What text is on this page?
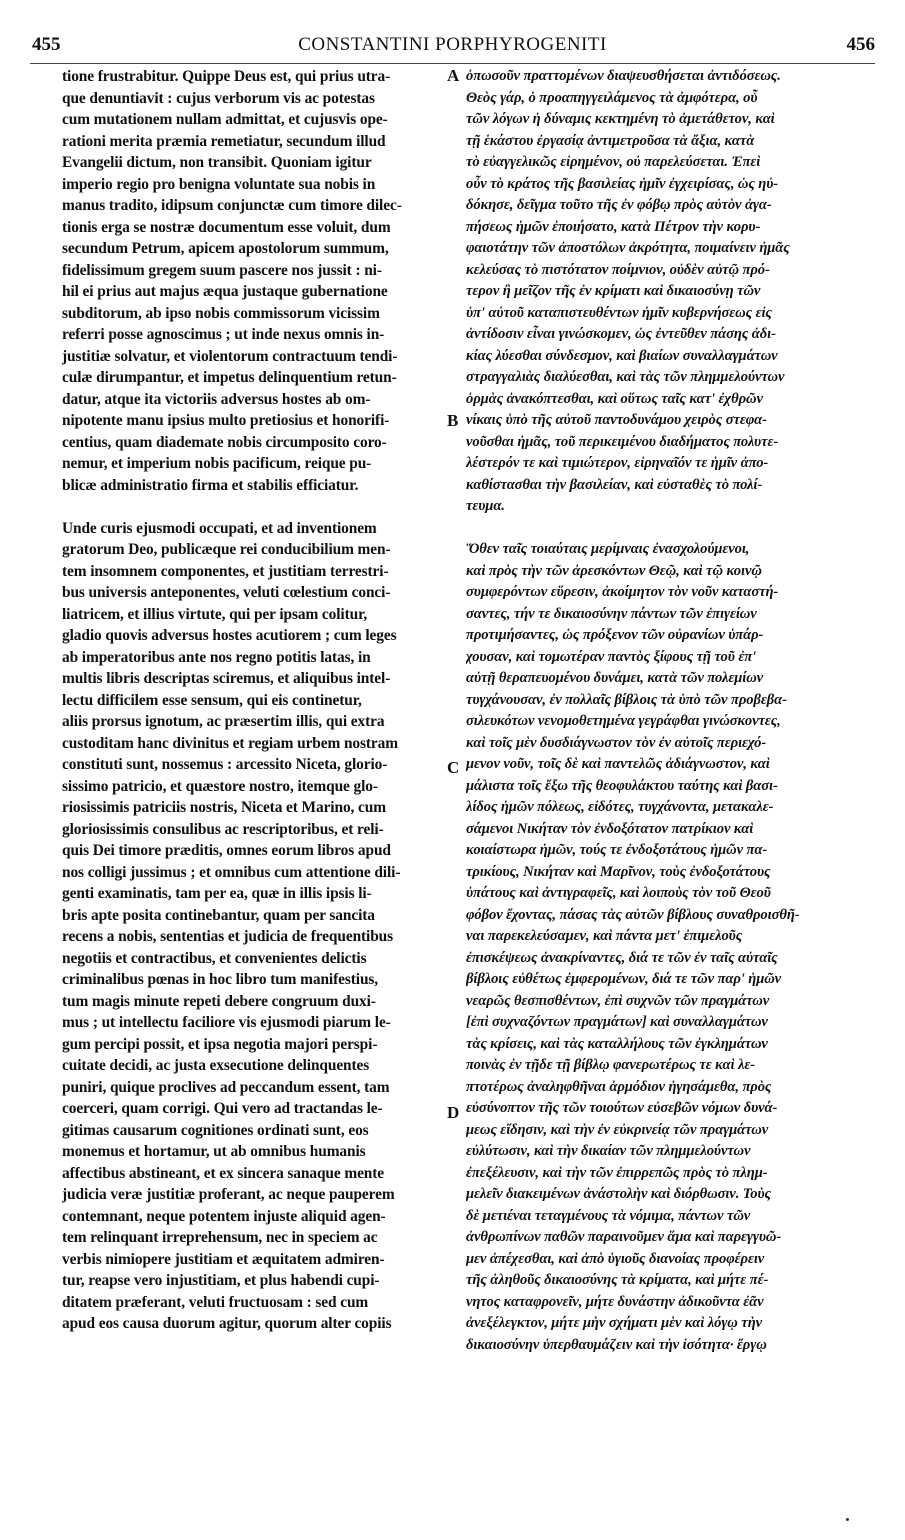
455	CONSTANTINI PORPHYROGENITI	456
tione frustrabitur. Quippe Deus est, qui prius utra-
que denuntiavit : cujus verborum vis ac potestas
cum mutationem nullam admittat, et cujusvis ope-
rationi merita præmia remetiatur, secundum illud
Evangelii dictum, non transibit. Quoniam igitur
imperio regio pro benigna voluntate sua nobis in
manus tradito, idipsum conjunctæ cum timore dilec-
tionis erga se nostræ documentum esse voluit, dum
secundum Petrum, apicem apostolorum summum,
fidelissimum gregem suum pascere nos jussit : ni-
hil ei prius aut majus æqua justaque gubernatione
subditorum, ab ipso nobis commissorum vicissim
referri posse agnoscimus ; ut inde nexus omnis in-
justitiæ solvatur, et violentorum contractuum tendi-
culæ dirumpantur, et impetus delinquentium retun-
datur, atque ita victoriis adversus hostes ab om-
nipotente manu ipsius multo pretiosius et honorifi-
centius, quam diademate nobis circumposito coro-
nemur, et imperium nobis pacificum, reique pu-
blicæ administratio firma et stabilis efficiatur.
Unde curis ejusmodi occupati, et ad inventionem
gratorum Deo, publicæque rei conducibilium men-
tem insomnem componentes, et justitiam terrestri-
bus universis anteponentes, veluti cœlestium conci-
liatricem, et illius virtute, qui per ipsam colitur,
gladio quovis adversus hostes acutiorem ; cum leges
ab imperatoribus ante nos regno potitis latas, in
multis libris descriptas sciremus, et aliquibus intel-
lectu difficilem esse sensum, qui eis continetur,
aliis prorsus ignotum, ac præsertim illis, qui extra
custoditam hanc divinitus et regiam urbem nostram
constituti sunt, nossemus : arcessito Niceta, glorio-
sissimo patricio, et quæstore nostro, itemque glo-
riosissimis patriciis nostris, Niceta et Marino, cum
gloriosissimis consulibus ac rescriptoribus, et reli-
quis Dei timore præditis, omnes eorum libros apud
nos colligi jussimus ; et omnibus cum attentione dili-
genti examinatis, tam per ea, quæ in illis ipsis li-
bris apte posita continebantur, quam per sancita
recens a nobis, sententias et judicia de frequentibus
negotiis et contractibus, et convenientes delictis
criminalibus pœnas in hoc libro tum manifestius,
tum magis minute repeti debere congruum duxi-
mus ; ut intellectu faciliore vis ejusmodi piarum le-
gum percipi possit, et ipsa negotia majori perspi-
cuitate decidi, ac justa exsecutione delinquentes
puniri, quique proclives ad peccandum essent, tam
coerceri, quam corrigi. Qui vero ad tractandas le-
gitimas causarum cognitiones ordinati sunt, eos
monemus et hortamur, ut ab omnibus humanis
affectibus abstineant, et ex sincera sanaque mente
judicia veræ justitiæ proferant, ac neque pauperem
contemnant, neque potentem injuste aliquid agen-
tem relinquant irreprehensum, nec in speciem ac
verbis nimiopere justitiam et æquitatem admiren-
tur, reapse vero injustitiam, et plus habendi cupi-
ditatem præferant, veluti fructuosam : sed cum
apud eos causa duorum agitur, quorum alter copiis
ὁπωσοῦν πραττομένων διαψευσθήσεται ἀντιδόσεως.
Θεὸς γάρ, ὁ προαπηγγειλάμενος τὰ ἀμφότερα, οὗ
τῶν λόγων ἡ δύναμις κεκτημένη τὸ ἀμετάθετον, καὶ
τῇ ἑκάστου ἐργασίᾳ ἀντιμετροῦσα τὰ ἄξια, κατὰ
τὸ εὐαγγελικῶς εἰρημένον, οὐ παρελεύσεται. Ἐπεὶ
οὖν τὸ κράτος τῆς βασιλείας ἡμῖν ἐγχειρίσας, ὡς ηὐ-
δόκησε, δεῖγμα τοῦτο τῆς ἐν φόβῳ πρὸς αὐτὸν ἀγα-
πήσεως ἡμῶν ἐποιήσατο, κατὰ Πέτρον τὴν κορυ-
φαιοτάτην τῶν ἀποστόλων ἀκρότητα, ποιμαίνειν ἡμᾶς
κελεύσας τὸ πιστότατον ποίμνιον, οὐδὲν αὐτῷ πρό-
τερον ἢ μεῖζον τῆς ἐν κρίματι καὶ δικαιοσύνῃ τῶν
ὑπ' αὐτοῦ καταπιστευθέντων ἡμῖν κυβερνήσεως εἰς
ἀντίδοσιν εἶναι γινώσκομεν, ὡς ἐντεῦθεν πάσης ἀδι-
κίας λύεσθαι σύνδεσμον, καὶ βιαίων συναλλαγμάτων
στραγγαλιὰς διαλύεσθαι, καὶ τὰς τῶν πλημμελούντων
ὁρμὰς ἀνακόπτεσθαι, καὶ οὕτως ταῖς κατ' ἐχθρῶν
νίκαις ὑπὸ τῆς αὐτοῦ παντοδυνάμου χειρὸς στεφα-
νοῦσθαι ἡμᾶς, τοῦ περικειμένου διαδήματος πολυτε-
λέστερόν τε καὶ τιμιώτερον, εἰρηναῖόν τε ἡμῖν ἀπο-
καθίστασθαι τὴν βασιλείαν, καὶ εὐσταθὲς τὸ πολί-
τευμα.
Ὅθεν ταῖς τοιαύταις μερίμναις ἐνασχολούμενοι,
καὶ πρὸς τὴν τῶν ἀρεσκόντων Θεῷ, καὶ τῷ κοινῷ
συμφερόντων εὕρεσιν, ἀκοίμητον τὸν νοῦν καταστή-
σαντες, τήν τε δικαιοσύνην πάντων τῶν ἐπιγείων
προτιμήσαντες, ὡς πρόξενον τῶν οὐρανίων ὑπάρ-
χουσαν, καὶ τομωτέραν παντὸς ξίφους τῇ τοῦ ἐπ'
αὐτῇ θεραπευομένου δυνάμει, κατὰ τῶν πολεμίων
τυγχάνουσαν, ἐν πολλαῖς βίβλοις τὰ ὑπὸ τῶν προβεβα-
σιλευκότων νενομοθετημένα γεγράφθαι γινώσκοντες,
καὶ τοῖς μὲν δυσδιάγνωστον τὸν ἐν αὐτοῖς περιεχό-
μενον νοῦν, τοῖς δὲ καὶ παντελῶς ἀδιάγνωστον, καὶ
μάλιστα τοῖς ἔξω τῆς θεοφυλάκτου ταύτης καὶ βασι-
λίδος ἡμῶν πόλεως, εἰδότες, τυγχάνοντα, μετακαλε-
σάμενοι Νικήταν τὸν ἐνδοξότατον πατρίκιον καὶ
κοιαίστωρα ἡμῶν, τούς τε ἐνδοξοτάτους ἡμῶν πα-
τρικίους, Νικήταν καὶ Μαρῖνον, τοὺς ἐνδοξοτάτους
ὑπάτους καὶ ἀντιγραφεῖς, καὶ λοιποὺς τὸν τοῦ Θεοῦ
φόβον ἔχοντας, πάσας τὰς αὐτῶν βίβλους συναθροισθῆ-
ναι παρεκελεύσαμεν, καὶ πάντα μετ' ἐπιμελοῦς
ἐπισκέψεως ἀνακρίναντες, διά τε τῶν ἐν ταῖς αὐταῖς
βίβλοις εὐθέτως ἐμφερομένων, διά τε τῶν παρ' ἡμῶν
νεαρῶς θεσπισθέντων, ἐπὶ συχνῶν τῶν πραγμάτων
[ἐπὶ συχναζόντων πραγμάτων] καὶ συναλλαγμάτων
τὰς κρίσεις, καὶ τὰς καταλλήλους τῶν ἐγκλημάτων
ποινὰς ἐν τῇδε τῇ βίβλῳ φανερωτέρως τε καὶ λε-
πτοτέρως ἀναληφθῆναι ἁρμόδιον ἡγησάμεθα, πρὸς
εὐσύνοπτον τῆς τῶν τοιούτων εὐσεβῶν νόμων δυνά-
μεως εἴδησιν, καὶ τὴν ἐν εὐκρινείᾳ τῶν πραγμάτων
εὐλύτωσιν, καὶ τὴν δικαίαν τῶν πλημμελούντων
ἐπεξέλευσιν, καὶ τὴν τῶν ἐπιρρεπῶς πρὸς τὸ πλημ-
μελεῖν διακειμένων ἀνάστολὴν καὶ διόρθωσιν. Τοὺς
δὲ μετιέναι τεταγμένους τὰ νόμιμα, πάντων τῶν
ἀνθρωπίνων παθῶν παραινοῦμεν ἅμα καὶ παρεγγυῶ-
μεν ἀπέχεσθαι, καὶ ἀπὸ ὑγιοῦς διανοίας προφέρειν
τῆς ἀληθοῦς δικαιοσύνης τὰ κρίματα, καὶ μήτε πέ-
νητος καταφρονεῖν, μήτε δυνάστην ἀδικοῦντα ἐᾶν
ἀνεξέλεγκτον, μήτε μὴν σχήματι μὲν καὶ λόγῳ τὴν
δικαιοσύνην ὑπερθαυμάζειν καὶ τὴν ἰσότητα· ἔργῳ
A
B
C
D
